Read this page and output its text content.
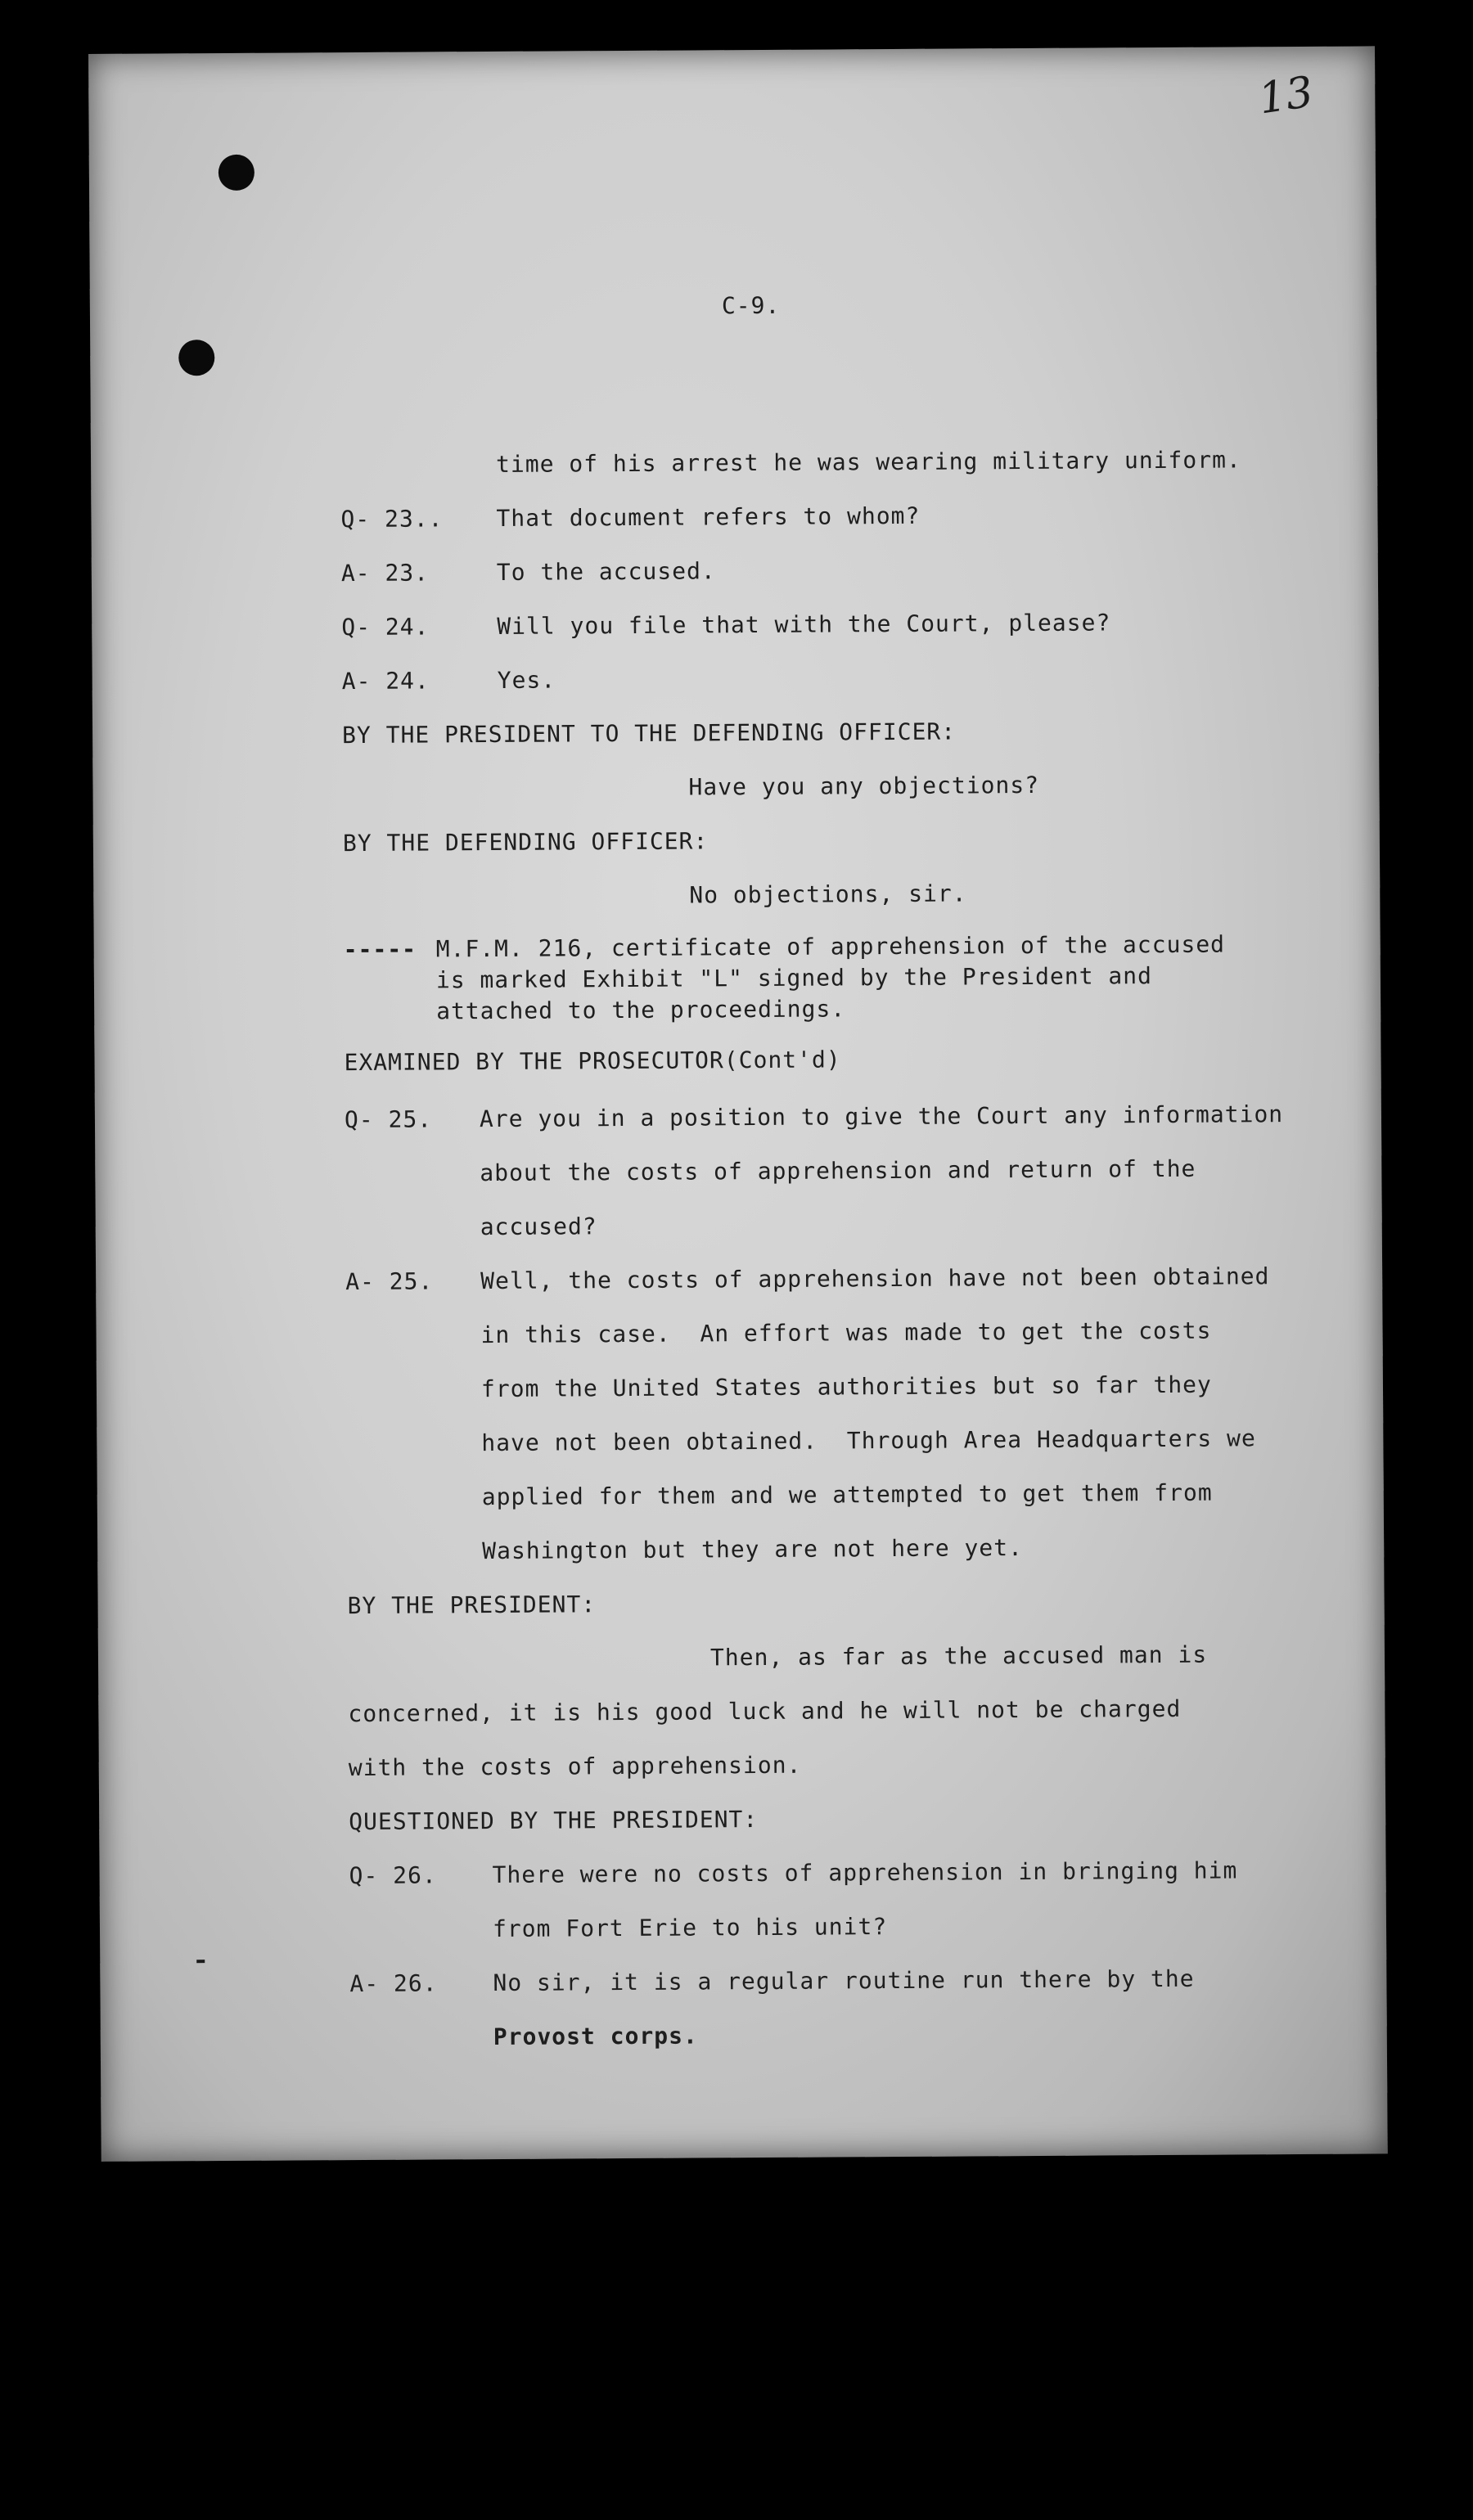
13
C-9.
time of his arrest he was wearing military uniform.
Q- 23.. That document refers to whom?
A- 23.	To the accused.
Q- 24.	Will you file that with the Court, please?
A- 24.	Yes.
BY THE PRESIDENT TO THE DEFENDING OFFICER:
Have you any objections?
BY THE DEFENDING OFFICER:
No objections, sir.
----- M.F.M. 216, certificate of apprehension of the accused
is marked Exhibit "L" signed by the President and
attached to the proceedings.
EXAMINED BY THE PROSECUTOR(Cont'd)
Q- 25. Are you in a position to give the Court any information
about the costs of apprehension and return of the
accused?
A- 25. Well, the costs of apprehension have not been obtained
in this case.  An effort was made to get the costs
from the United States authorities but so far they
have not been obtained.  Through Area Headquarters we
applied for them and we attempted to get them from
Washington but they are not here yet.
BY THE PRESIDENT:
Then, as far as the accused man is
concerned, it is his good luck and he will not be charged
with the costs of apprehension.
QUESTIONED BY THE PRESIDENT:
Q- 26. There were no costs of apprehension in bringing him
from Fort Erie to his unit?
A- 26. No sir, it is a regular routine run there by the
Provost corps.
